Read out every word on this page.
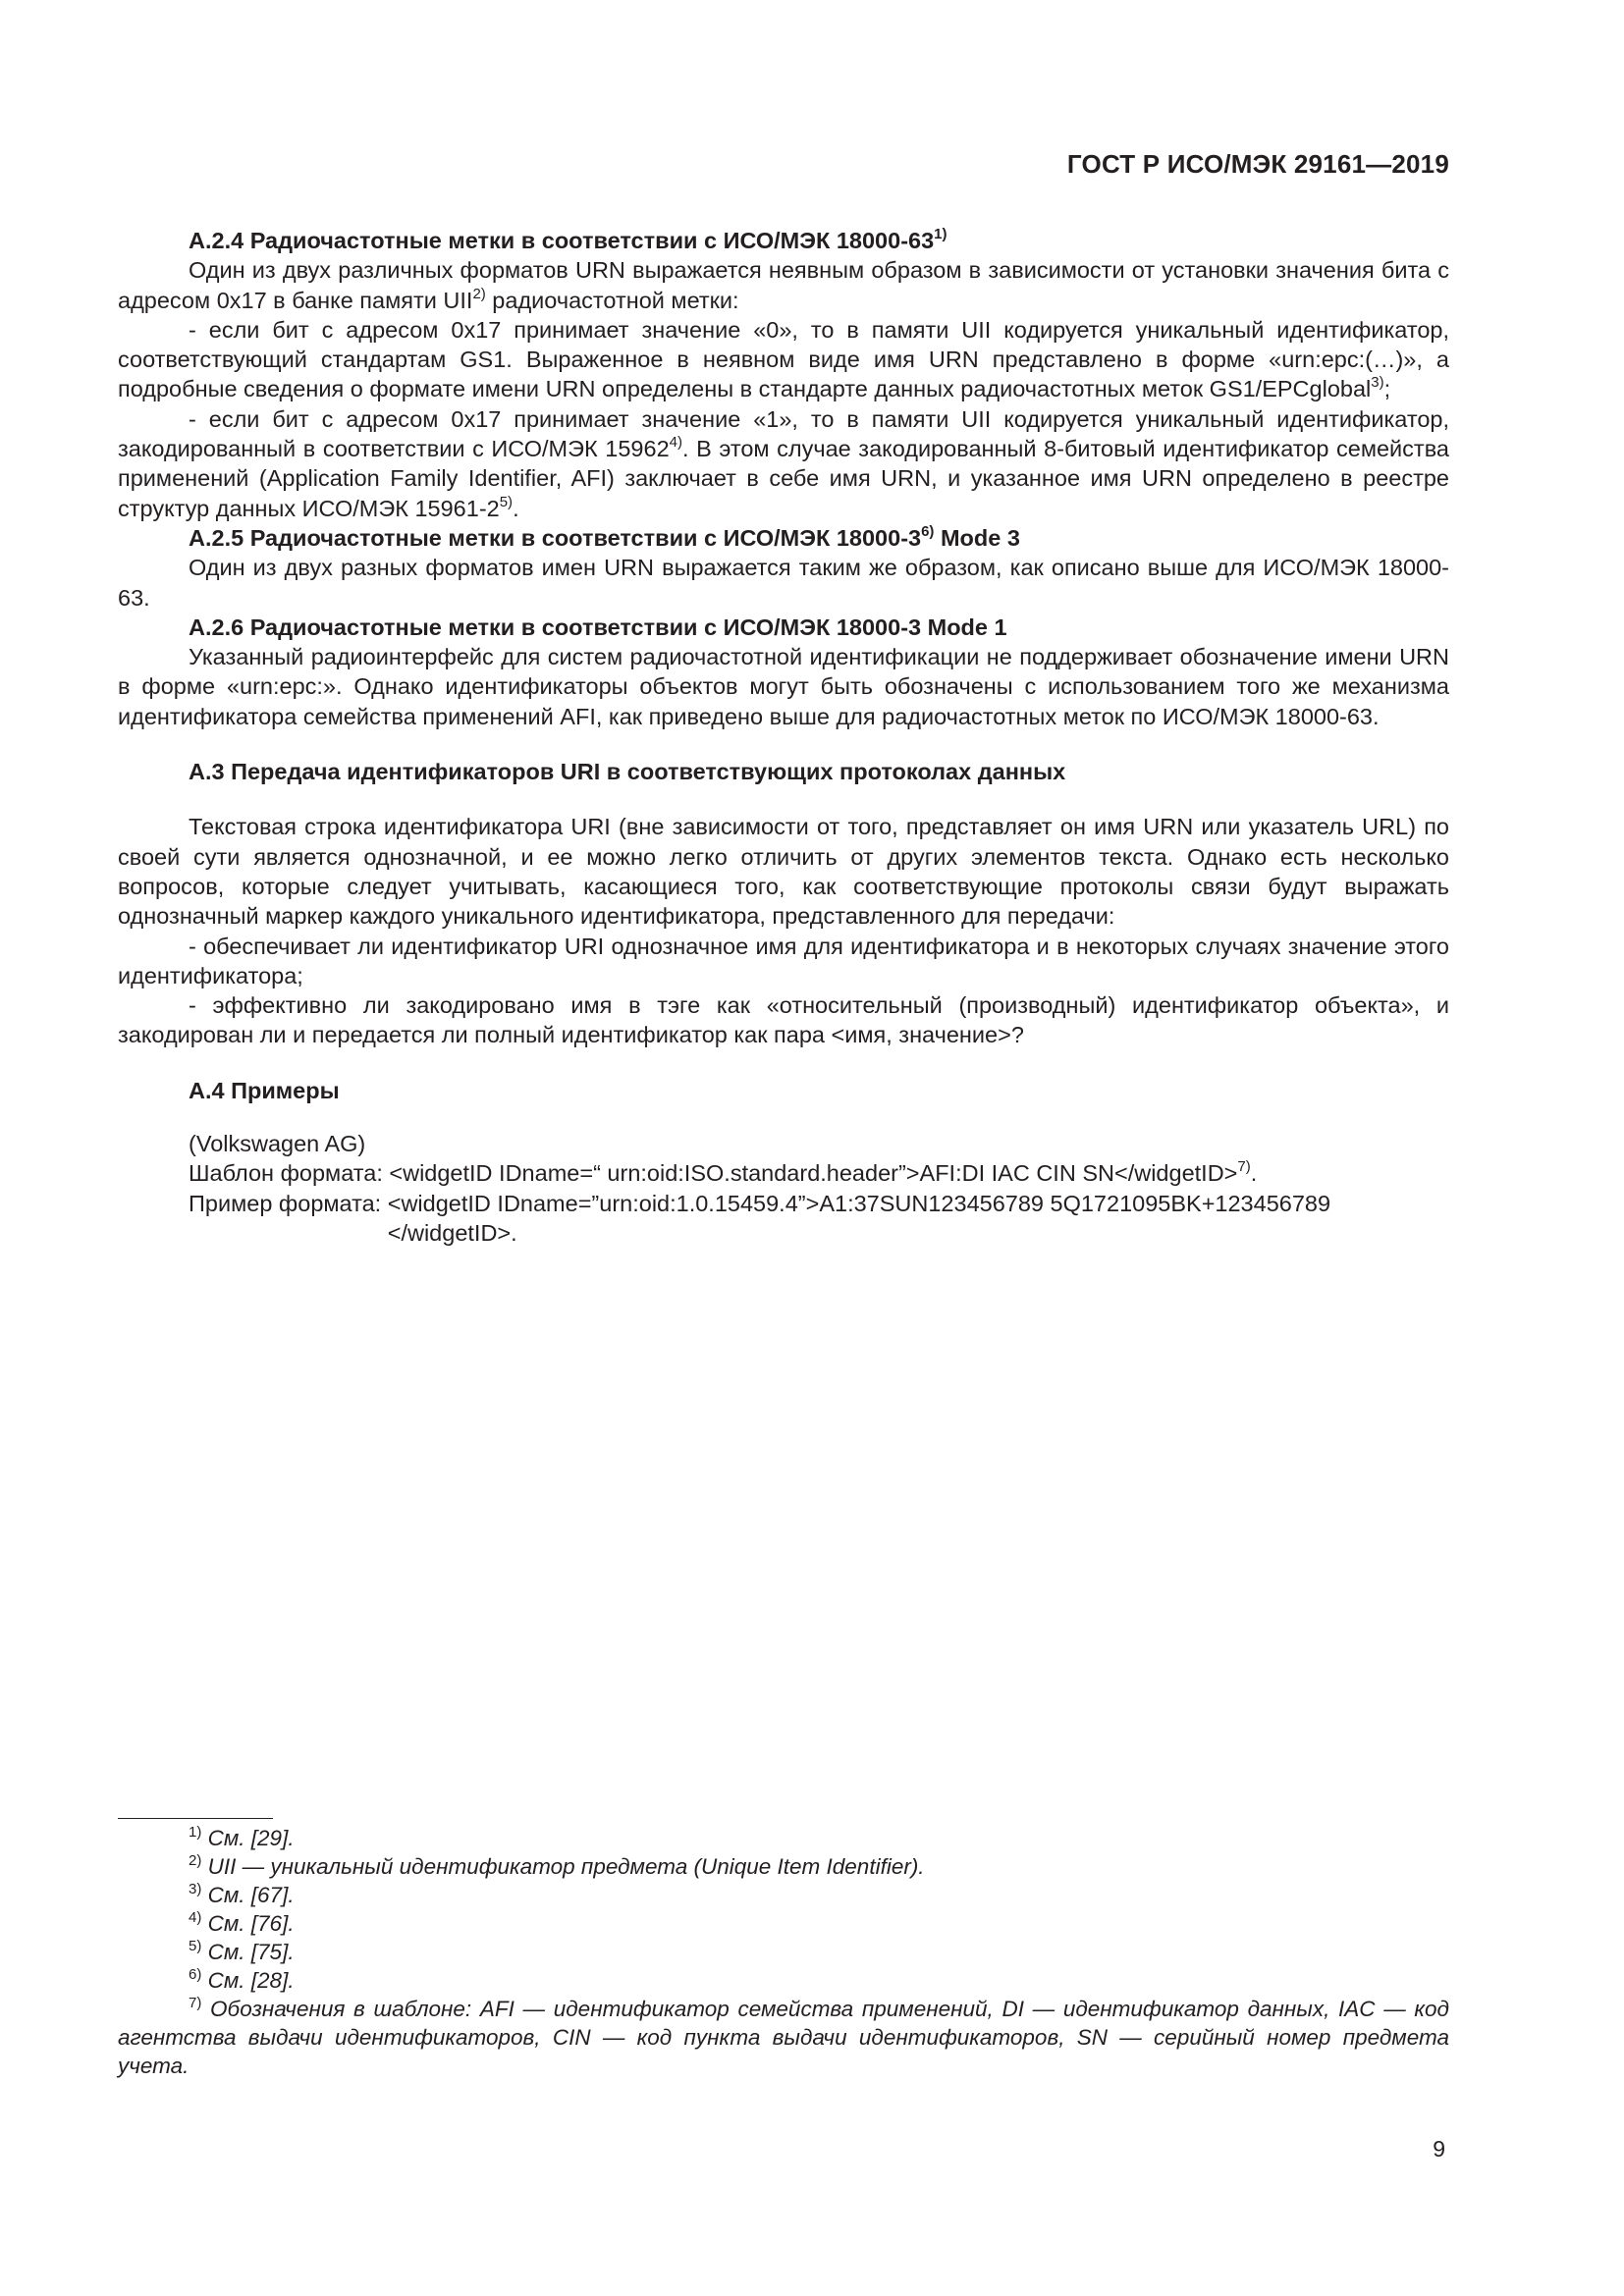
ГОСТ Р ИСО/МЭК 29161—2019

А.2.4 Радиочастотные метки в соответствии с ИСО/МЭК 18000-63$^{1)}$

Один из двух различных форматов URN выражается неявным образом в зависимости от установки значения бита с адресом 0x17 в банке памяти UII$^{2)}$ радиочастотной метки:

- если бит с адресом 0x17 принимает значение «0», то в памяти UII кодируется уникальный идентификатор, соответствующий стандартам GS1. Выраженное в неявном виде имя URN представлено в форме «urn:epc:(…)», а подробные сведения о формате имени URN определены в стандарте данных радиочастотных меток GS1/EPCglobal$^{3)}$;

- если бит с адресом 0x17 принимает значение «1», то в памяти UII кодируется уникальный идентификатор, закодированный в соответствии с ИСО/МЭК 15962$^{4)}$. В этом случае закодированный 8-битовый идентификатор семейства применений (Application Family Identifier, AFI) заключает в себе имя URN, и указанное имя URN определено в реестре структур данных ИСО/МЭК 15961-2$^{5)}$.

А.2.5 Радиочастотные метки в соответствии с ИСО/МЭК 18000-3$^{6)}$ Mode 3

Один из двух разных форматов имен URN выражается таким же образом, как описано выше для ИСО/МЭК 18000-63.

А.2.6 Радиочастотные метки в соответствии с ИСО/МЭК 18000-3 Mode 1

Указанный радиоинтерфейс для систем радиочастотной идентификации не поддерживает обозначение имени URN в форме «urn:epc:». Однако идентификаторы объектов могут быть обозначены с использованием того же механизма идентификатора семейства применений AFI, как приведено выше для радиочастотных меток по ИСО/МЭК 18000-63.

А.3 Передача идентификаторов URI в соответствующих протоколах данных

Текстовая строка идентификатора URI (вне зависимости от того, представляет он имя URN или указатель URL) по своей сути является однозначной, и ее можно легко отличить от других элементов текста. Однако есть несколько вопросов, которые следует учитывать, касающиеся того, как соответствующие протоколы связи будут выражать однозначный маркер каждого уникального идентификатора, представленного для передачи:

- обеспечивает ли идентификатор URI однозначное имя для идентификатора и в некоторых случаях значение этого идентификатора;

- эффективно ли закодировано имя в тэге как «относительный (производный) идентификатор объекта», и закодирован ли и передается ли полный идентификатор как пара <имя, значение>?

А.4 Примеры

(Volkswagen AG)

Шаблон формата: <widgetID IDname=“ urn:oid:ISO.standard.header”>AFI:DI IAC CIN SN</widgetID>$^{7)}$.

Пример формата: <widgetID IDname=”urn:oid:1.0.15459.4”>A1:37SUN123456789 5Q1721095BK+123456789
</widgetID>.

$^{1)}$ См. [29].

$^{2)}$ UII — уникальный идентификатор предмета (Unique Item Identifier).

$^{3)}$ См. [67].

$^{4)}$ См. [76].

$^{5)}$ См. [75].

$^{6)}$ См. [28].

$^{7)}$ Обозначения в шаблоне: AFI — идентификатор семейства применений, DI — идентификатор данных, IAC — код агентства выдачи идентификаторов, CIN — код пункта выдачи идентификаторов, SN — серийный номер предмета учета.

9
